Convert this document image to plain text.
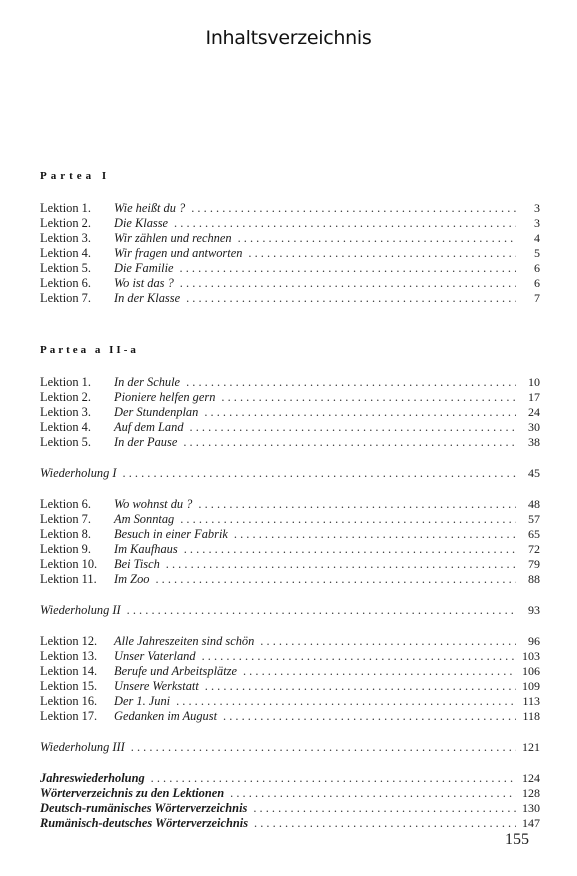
Inhaltsverzeichnis
Partea I
Lektion 1. Wie heißt du ? . . .	3
Lektion 2. Die Klasse . . .	3
Lektion 3. Wir zählen und rechnen . . .	4
Lektion 4. Wir fragen und antworten . . .	5
Lektion 5. Die Familie . . .	6
Lektion 6. Wo ist das ? . . .	6
Lektion 7. In der Klasse . . .	7
Partea a II-a
Lektion 1. In der Schule . . .	10
Lektion 2. Pioniere helfen gern . . .	17
Lektion 3. Der Stundenplan . . .	24
Lektion 4. Auf dem Land . . .	30
Lektion 5. In der Pause . . .	38
Wiederholung I . . .	45
Lektion 6. Wo wohnst du ? . . .	48
Lektion 7. Am Sonntag . . .	57
Lektion 8. Besuch in einer Fabrik . . .	65
Lektion 9. Im Kaufhaus . . .	72
Lektion 10. Bei Tisch . . .	79
Lektion 11. Im Zoo . . .	88
Wiederholung II . . .	93
Lektion 12. Alle Jahreszeiten sind schön . . .	96
Lektion 13. Unser Vaterland . . .	103
Lektion 14. Berufe und Arbeitsplätze . . .	106
Lektion 15. Unsere Werkstatt . . .	109
Lektion 16. Der 1. Juni . . .	113
Lektion 17. Gedanken im August . . .	118
Wiederholung III . . .	121
Jahreswiederholung . . .	124
Wörterverzeichnis zu den Lektionen . . .	128
Deutsch-rumänisches Wörterverzeichnis . . .	130
Rumänisch-deutsches Wörterverzeichnis . . .	147
155
